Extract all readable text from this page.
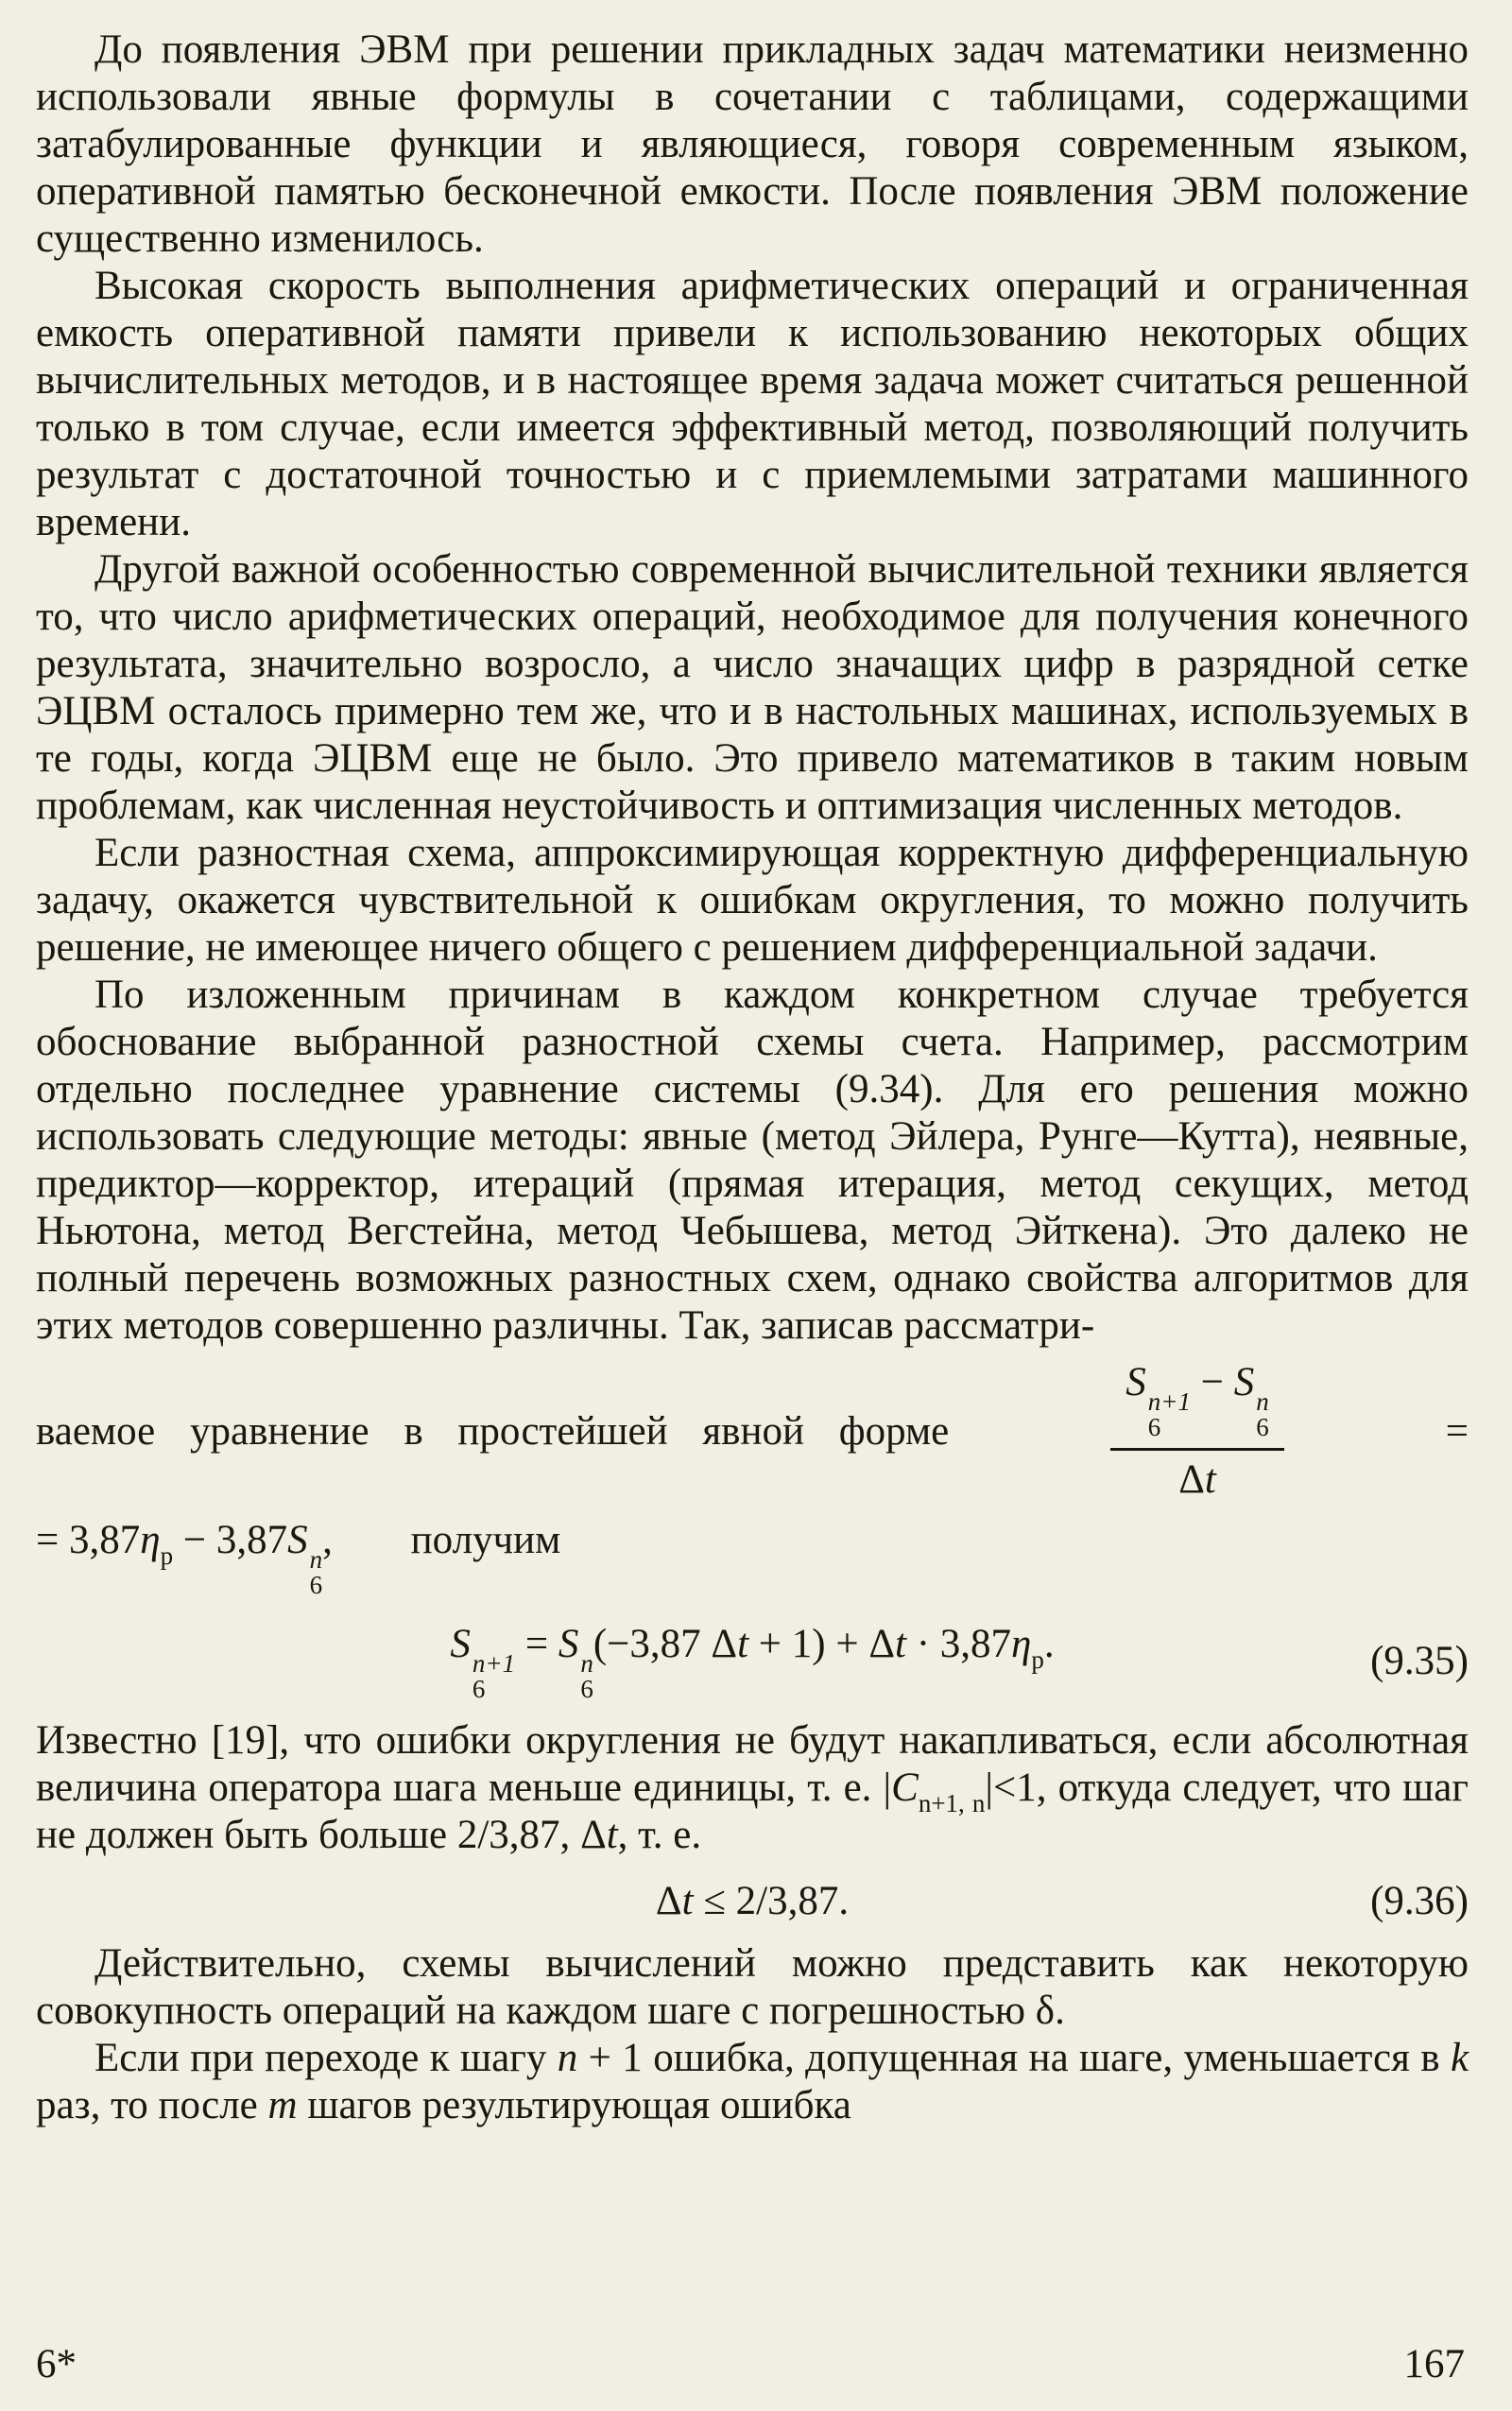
До появления ЭВМ при решении прикладных задач математики неизменно использовали явные формулы в сочетании с таблицами, содержащими затабулированные функции и являющиеся, говоря современным языком, оперативной памятью бесконечной емкости. После появления ЭВМ положение существенно изменилось.

Высокая скорость выполнения арифметических операций и ограниченная емкость оперативной памяти привели к использованию некоторых общих вычислительных методов, и в настоящее время задача может считаться решенной только в том случае, если имеется эффективный метод, позволяющий получить результат с достаточной точностью и с приемлемыми затратами машинного времени.

Другой важной особенностью современной вычислительной техники является то, что число арифметических операций, необходимое для получения конечного результата, значительно возросло, а число значащих цифр в разрядной сетке ЭЦВМ осталось примерно тем же, что и в настольных машинах, используемых в те годы, когда ЭЦВМ еще не было. Это привело математиков в таким новым проблемам, как численная неустойчивость и оптимизация численных методов.

Если разностная схема, аппроксимирующая корректную дифференциальную задачу, окажется чувствительной к ошибкам округления, то можно получить решение, не имеющее ничего общего с решением дифференциальной задачи.

По изложенным причинам в каждом конкретном случае требуется обоснование выбранной разностной схемы счета. Например, рассмотрим отдельно последнее уравнение системы (9.34). Для его решения можно использовать следующие методы: явные (метод Эйлера, Рунге—Кутта), неявные, предиктор—корректор, итераций (прямая итерация, метод секущих, метод Ньютона, метод Вегстейна, метод Чебышева, метод Эйткена). Это далеко не полный перечень возможных разностных схем, однако свойства алгоритмов для этих методов совершенно различны. Так, записав рассматри-

ваемое уравнение в простейшей явной форме	S n+1
6
− S n
6
Δt	=
= $3,87\eta_p - 3,87S$ n
6
, получим
S n+1
6
= S n
6
(−3,87 $\Delta t + 1) + \Delta t \cdot 3,87\eta_p$.	(9.35)

Известно [19], что ошибки округления не будут накапливаться, если абсолютная величина оператора шага меньше единицы, т. е. $|C_{n+1, n}|<1$, откуда следует, что шаг не должен быть больше 2/3,87, Δt, т. е.

Δt ≤ 2/3,87.	(9.36)

Действительно, схемы вычислений можно представить как некоторую совокупность операций на каждом шаге с погрешностью δ.

Если при переходе к шагу n + 1 ошибка, допущенная на шаге, уменьшается в k раз, то после m шагов результирующая ошибка

6*	167
